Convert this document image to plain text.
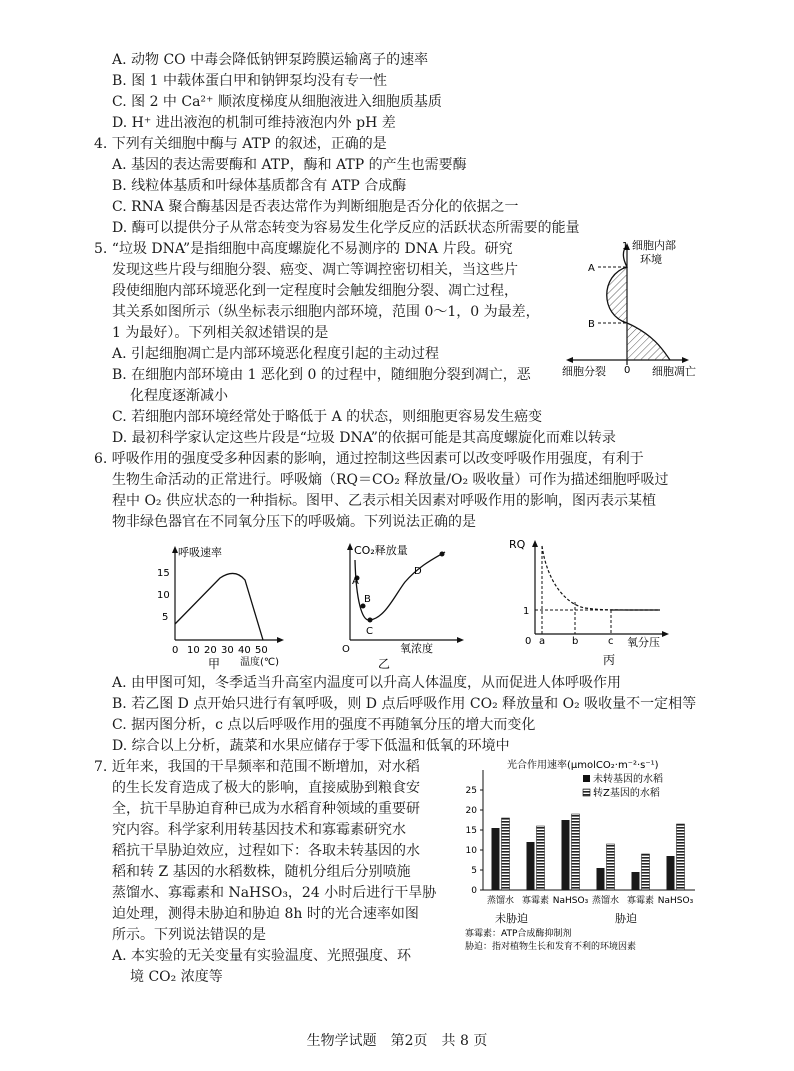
A. 动物 CO 中毒会降低钠钾泵跨膜运输离子的速率
B. 图 1 中载体蛋白甲和钠钾泵均没有专一性
C. 图 2 中 Ca²⁺ 顺浓度梯度从细胞液进入细胞质基质
D. H⁺ 进出液泡的机制可维持液泡内外 pH 差
4. 下列有关细胞中酶与 ATP 的叙述，正确的是
A. 基因的表达需要酶和 ATP，酶和 ATP 的产生也需要酶
B. 线粒体基质和叶绿体基质都含有 ATP 合成酶
C. RNA 聚合酶基因是否表达常作为判断细胞是否分化的依据之一
D. 酶可以提供分子从常态转变为容易发生化学反应的活跃状态所需要的能量
5. “垃圾 DNA”是指细胞中高度螺旋化不易测序的 DNA 片段。研究
发现这些片段与细胞分裂、癌变、凋亡等调控密切相关，当这些片
段使细胞内部环境恶化到一定程度时会触发细胞分裂、凋亡过程，
其关系如图所示（纵坐标表示细胞内部环境，范围 0～1，0 为最差，
1 为最好）。下列相关叙述错误的是
A. 引起细胞凋亡是内部环境恶化程度引起的主动过程
B. 在细胞内部环境由 1 恶化到 0 的过程中，随细胞分裂到凋亡，恶
化程度逐渐减小
C. 若细胞内部环境经常处于略低于 A 的状态，则细胞更容易发生癌变
D. 最初科学家认定这些片段是“垃圾 DNA”的依据可能是其高度螺旋化而难以转录
1 细胞内部
环境
A
B
0
细胞分裂	细胞凋亡
6. 呼吸作用的强度受多种因素的影响，通过控制这些因素可以改变呼吸作用强度，有利于
生物生命活动的正常进行。呼吸熵（RQ＝CO₂ 释放量/O₂ 吸收量）可作为描述细胞呼吸过
程中 O₂ 供应状态的一种指标。图甲、乙表示相关因素对呼吸作用的影响，图丙表示某植
物非绿色器官在不同氧分压下的呼吸熵。下列说法正确的是
呼吸速率
15
10
5
0 10 20 30 40 50
温度(℃)
甲
CO₂释放量
A
B
C
D
O	氧浓度
乙
RQ
1
0 a	b	c 氧分压
丙
A. 由甲图可知，冬季适当升高室内温度可以升高人体温度，从而促进人体呼吸作用
B. 若乙图 D 点开始只进行有氧呼吸，则 D 点后呼吸作用 CO₂ 释放量和 O₂ 吸收量不一定相等
C. 据丙图分析，c 点以后呼吸作用的强度不再随氧分压的增大而变化
D. 综合以上分析，蔬菜和水果应储存于零下低温和低氧的环境中
7. 近年来，我国的干旱频率和范围不断增加，对水稻
的生长发育造成了极大的影响，直接威胁到粮食安
全，抗干旱胁迫育种已成为水稻育种领域的重要研
究内容。科学家利用转基因技术和寡霉素研究水
稻抗干旱胁迫效应，过程如下：各取未转基因的水
稻和转 Z 基因的水稻数株，随机分组后分别喷施
蒸馏水、寡霉素和 NaHSO₃，24 小时后进行干旱胁
迫处理，测得未胁迫和胁迫 8h 时的光合速率如图
所示。下列说法错误的是
A. 本实验的无关变量有实验温度、光照强度、环
境 CO₂ 浓度等
光合作用速率(μmolCO₂·m⁻²·s⁻¹)
未转基因的水稻
转Z基因的水稻
0
5
10
15
20
25
蒸馏水 寡霉素 NaHSO₃ 蒸馏水 寡霉素 NaHSO₃
未胁迫	胁迫
寡霉素：ATP合成酶抑制剂
胁迫：指对植物生长和发育不利的环境因素
生物学试题　第2页　共 8 页
